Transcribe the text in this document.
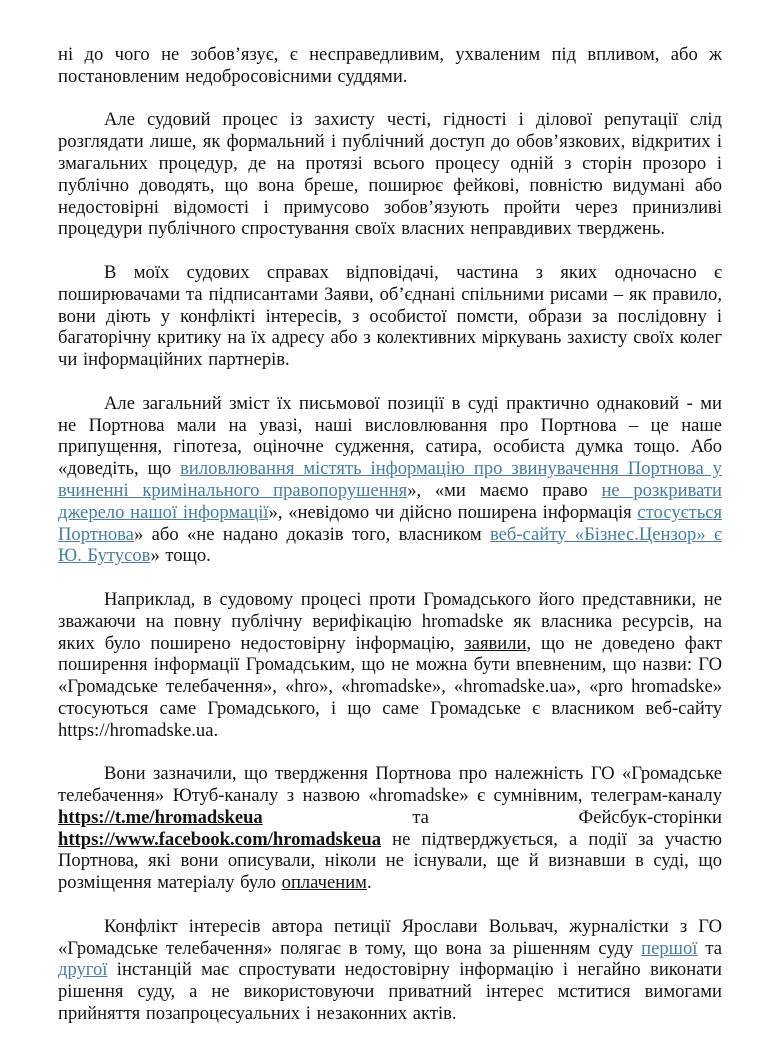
ні до чого не зобов’язує, є несправедливим, ухваленим під впливом, або ж постановленим недобросовісними суддями.

Але судовий процес із захисту честі, гідності і ділової репутації слід розглядати лише, як формальний і публічний доступ до обов’язкових, відкритих і змагальних процедур, де на протязі всього процесу одній з сторін прозоро і публічно доводять, що вона бреше, поширює фейкові, повністю видумані або недостовірні відомості і примусово зобов’язують пройти через принизливі процедури публічного спростування своїх власних неправдивих тверджень.

В моїх судових справах відповідачі, частина з яких одночасно є поширювачами та підписантами Заяви, об’єднані спільними рисами – як правило, вони діють у конфлікті інтересів, з особистої помсти, образи за послідовну і багаторічну критику на їх адресу або з колективних міркувань захисту своїх колег чи інформаційних партнерів.

Але загальний зміст їх письмової позиції в суді практично однаковий - ми не Портнова мали на увазі, наші висловлювання про Портнова – це наше припущення, гіпотеза, оціночне судження, сатира, особиста думка тощо. Або «доведіть, що виловлювання містять інформацію про звинувачення Портнова у вчиненні кримінального правопорушення», «ми маємо право не розкривати джерело нашої інформації», «невідомо чи дійсно поширена інформація стосується Портнова» або «не надано доказів того, власником веб-сайту «Бізнес.Цензор» є Ю. Бутусов» тощо.

Наприклад, в судовому процесі проти Громадського його представники, не зважаючи на повну публічну верифікацію hromadske як власника ресурсів, на яких було поширено недостовірну інформацію, заявили, що не доведено факт поширення інформації Громадським, що не можна бути впевненим, що назви: ГО «Громадське телебачення», «hro», «hromadske», «hromadske.ua», «pro hromadske» стосуються саме Громадського, і що саме Громадське є власником веб-сайту https://hromadske.ua.

Вони зазначили, що твердження Портнова про належність ГО «Громадське телебачення» Ютуб-каналу з назвою «hromadske» є сумнівним, телеграм-каналу https://t.me/hromadskeua та Фейсбук-сторінки https://www.facebook.com/hromadskeua не підтверджується, а події за участю Портнова, які вони описували, ніколи не існували, ще й визнавши в суді, що розміщення матеріалу було оплаченим.

Конфлікт інтересів автора петиції Ярослави Вольвач, журналістки з ГО «Громадське телебачення» полягає в тому, що вона за рішенням суду першої та другої інстанцій має спростувати недостовірну інформацію і негайно виконати рішення суду, а не використовуючи приватний інтерес мститися вимогами прийняття позапроцесуальних і незаконних актів.
